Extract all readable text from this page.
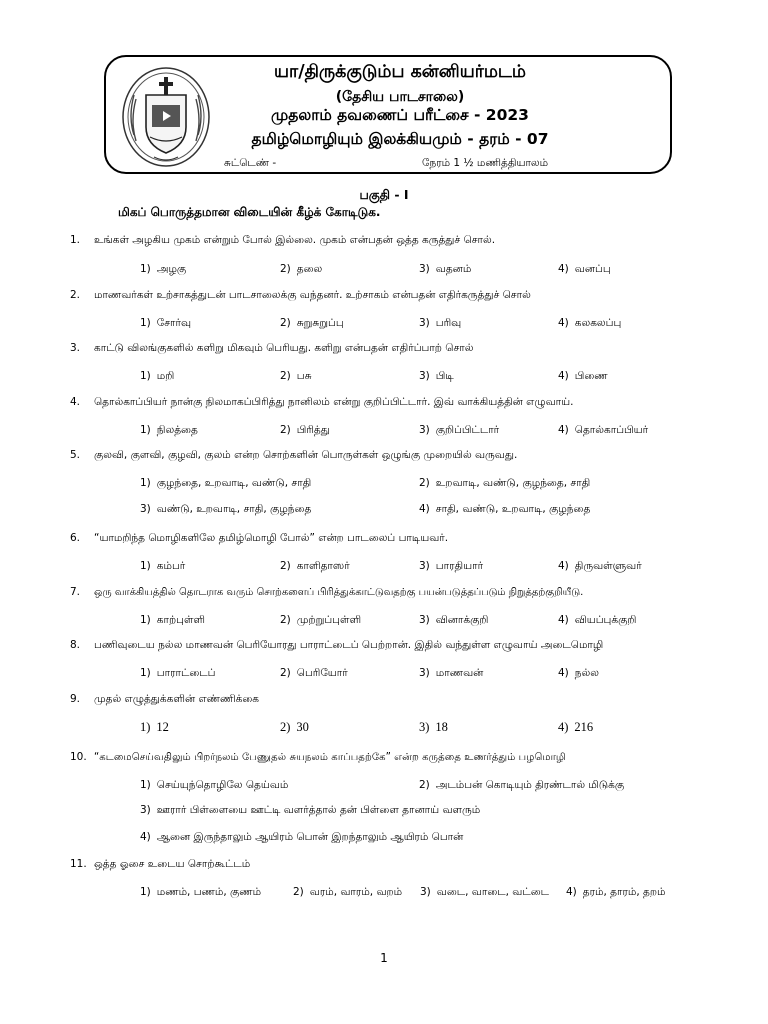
யா/திருக்குடும்ப கன்னியர்மடம்
(தேசிய பாடசாலை)
முதலாம் தவணைப் பரீட்சை - 2023
தமிழ்மொழியும் இலக்கியமும் - தரம் - 07
சுட்டெண் -	நேரம் 1 ½ மணித்தியாலம்
பகுதி - I
மிகப் பொருத்தமான விடையின் கீழ்க் கோடிடுக.
1. உங்கள் அழகிய முகம் என்றும் போல் இல்லை. முகம் என்பதன் ஒத்த கருத்துச் சொல்.
1) அழகு	2) தலை	3) வதனம்	4) வனப்பு
2. மாணவர்கள் உற்சாகத்துடன் பாடசாலைக்கு வந்தனர். உற்சாகம் என்பதன் எதிர்கருத்துச் சொல்
1) சோர்வு	2) சுறுசுறுப்பு	3) பரிவு	4) கலகலப்பு
3. காட்டு விலங்குகளில் களிறு மிகவும் பெரியது. களிறு என்பதன் எதிர்ப்பாற் சொல்
1) மறி	2) பசு	3) பிடி	4) பிணை
4. தொல்காப்பியர் நான்கு நிலமாகப்பிரித்து நானிலம் என்று குறிப்பிட்டார். இவ் வாக்கியத்தின் எழுவாய்.
1) நிலத்தை	2) பிரித்து	3) குறிப்பிட்டார்	4) தொல்காப்பியர்
5. குலவி, குளவி, குழவி, குலம் என்ற சொற்களின் பொருள்கள் ஒழுங்கு முறையில் வருவது.
1) குழந்தை, உறவாடி, வண்டு, சாதி	2) உறவாடி, வண்டு, குழந்தை, சாதி
3) வண்டு, உறவாடி, சாதி, குழந்தை	4) சாதி, வண்டு, உறவாடி, குழந்தை
6. “யாமறிந்த மொழிகளிலே தமிழ்மொழி போல்” என்ற பாடலைப் பாடியவர்.
1) கம்பர்	2) காளிதாஸர்	3) பாரதியார்	4) திருவள்ளுவர்
7. ஒரு வாக்கியத்தில் தொடராக வரும் சொற்களைப் பிரித்துக்காட்டுவதற்கு பயன்படுத்தப்படும் நிறுத்தற்குறியீடு.
1) காற்புள்ளி	2) முற்றுப்புள்ளி	3) வினாக்குறி	4) வியப்புக்குறி
8. பணிவுடைய நல்ல மாணவன் பெரியோரது பாராட்டைப் பெற்றான். இதில் வந்துள்ள எழுவாய் அடைமொழி
1) பாராட்டைப்	2) பெரியோர்	3) மாணவன்	4) நல்ல
9. முதல் எழுத்துக்களின் எண்ணிக்கை
1) 12	2) 30	3) 18	4) 216
10. “கடமைசெய்வதிலும் பிறர்நலம் பேணுதல் சுயநலம் காப்பதற்கே” என்ற கருத்தை உணர்த்தும் பழமொழி
1) செய்யுந்தொழிலே தெய்வம்	2) அடம்பன் கொடியும் திரண்டால் மிடுக்கு
3) ஊரார் பிள்ளையை ஊட்டி வளர்த்தால் தன் பிள்ளை தானாய் வளரும்
4) ஆனை இருந்தாலும் ஆயிரம் பொன் இறந்தாலும் ஆயிரம் பொன்
11. ஒத்த ஓசை உடைய சொற்கூட்டம்
1) மணம், பணம், குணம்	2) வரம், வாரம், வறம் 3) வடை, வாடை, வட்டை 4) தரம், தாரம், தறம்
1
